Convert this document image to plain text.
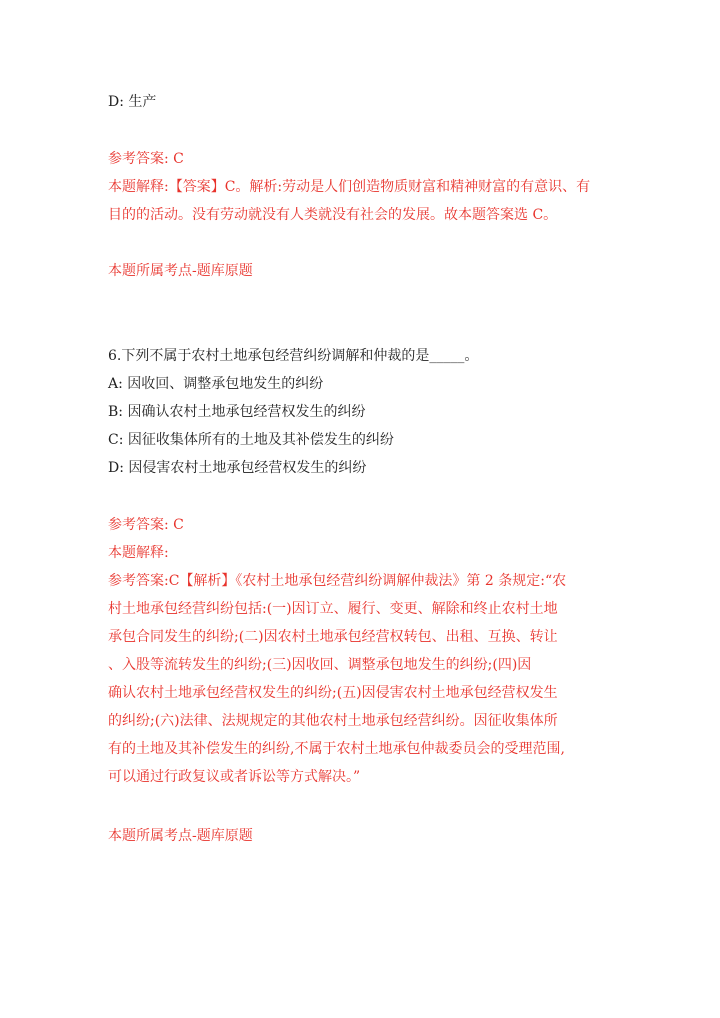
D: 生产
参考答案: C
本题解释:【答案】C。解析:劳动是人们创造物质财富和精神财富的有意识、有
目的的活动。没有劳动就没有人类就没有社会的发展。故本题答案选 C。
本题所属考点-题库原题
6.下列不属于农村土地承包经营纠纷调解和仲裁的是_____。
A: 因收回、调整承包地发生的纠纷
B: 因确认农村土地承包经营权发生的纠纷
C: 因征收集体所有的土地及其补偿发生的纠纷
D: 因侵害农村土地承包经营权发生的纠纷
参考答案: C
本题解释:
参考答案:C【解析】《农村土地承包经营纠纷调解仲裁法》第 2 条规定:“农
村土地承包经营纠纷包括:(一)因订立、履行、变更、解除和终止农村土地
承包合同发生的纠纷;(二)因农村土地承包经营权转包、出租、互换、转让
、入股等流转发生的纠纷;(三)因收回、调整承包地发生的纠纷;(四)因
确认农村土地承包经营权发生的纠纷;(五)因侵害农村土地承包经营权发生
的纠纷;(六)法律、法规规定的其他农村土地承包经营纠纷。因征收集体所
有的土地及其补偿发生的纠纷,不属于农村土地承包仲裁委员会的受理范围,
可以通过行政复议或者诉讼等方式解决。”
本题所属考点-题库原题
